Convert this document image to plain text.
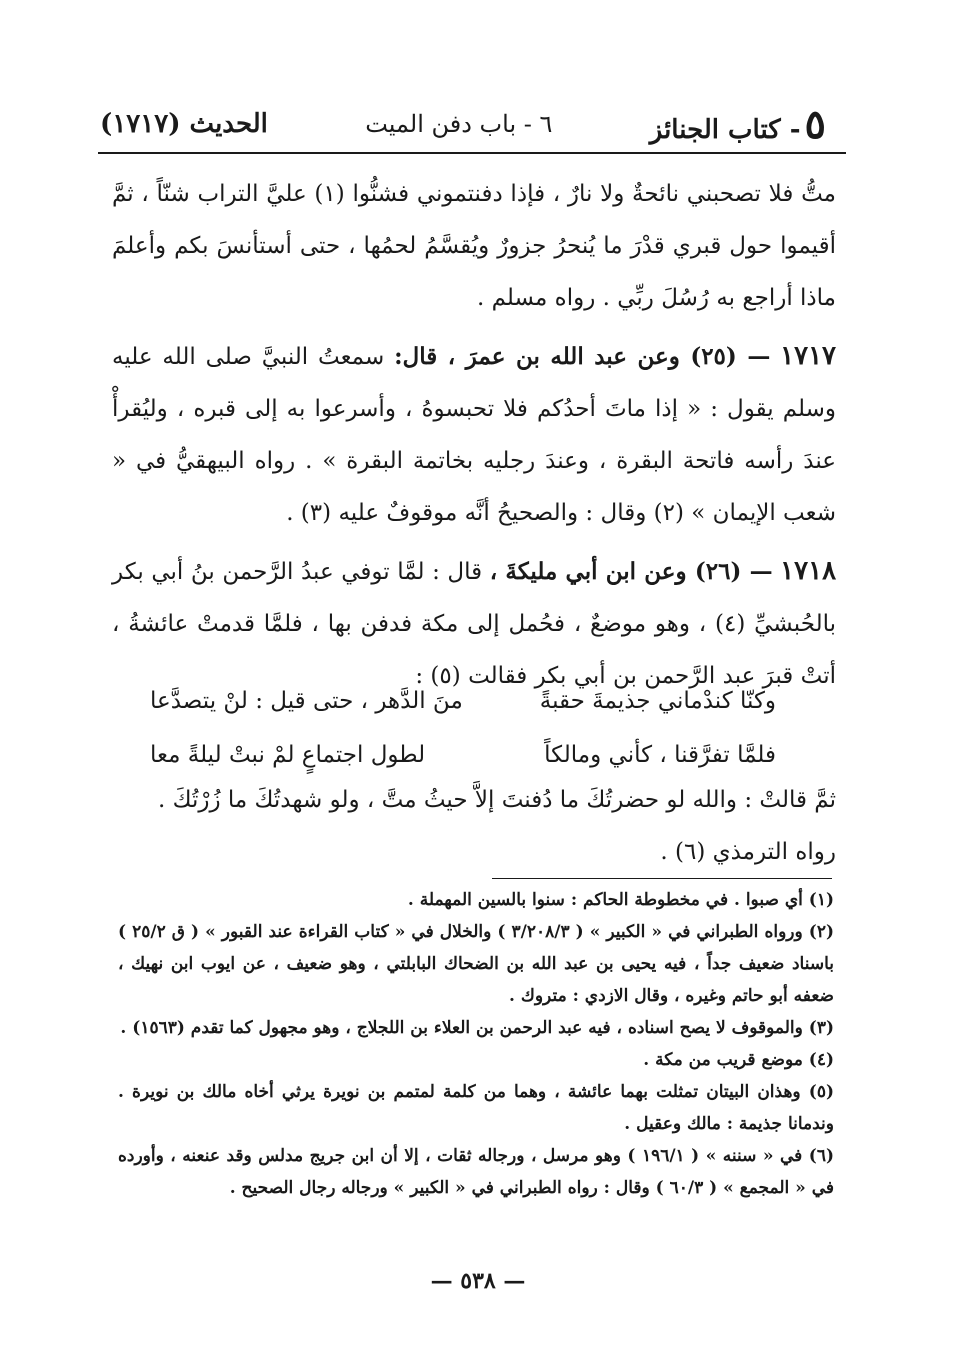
٥- كتاب الجنائز
٦ - باب دفن الميت
الحديث (١٧١٧)

متُّ فلا تصحبني نائحةٌ ولا نارٌ ، فإذا دفنتموني فشنُّوا (١) عليَّ التراب شنّاً ، ثمَّ أقيموا حول قبري قدْرَ ما يُنحرُ جزورٌ ويُقسَّمُ لحمُها ، حتى أستأنسَ بكم وأعلمَ ماذا أراجع به رُسُلَ ربِّي . رواه مسلم .

١٧١٧ — (٢٥) وعن عبد الله بن عمرَ ، قال: سمعتُ النبيَّ صلى الله عليه وسلم يقول : « إذا ماتَ أحدُكم فلا تحبسوهُ ، وأسرعوا به إلى قبره ، وليُقرأْ عندَ رأسه فاتحة البقرة ، وعندَ رجليه بخاتمة البقرة » . رواه البيهقيُّ في « شعب الإيمان » (٢) وقال : والصحيحُ أنَّه موقوفٌ عليه (٣) .

١٧١٨ — (٢٦) وعن ابن أبي مليكةَ ، قال : لمَّا توفي عبدُ الرَّحمن بنُ أبي بكر بالحُبشيِّ (٤) ، وهو موضعٌ ، فحُمل إلى مكة فدفن بها ، فلمَّا قدمتْ عائشةُ ، أتتْ قبرَ عبد الرَّحمن بن أبي بكر فقالت (٥) :

وكنّا كندْماني جذيمةَ حقبةً
منَ الدَّهر ، حتى قيل : لنْ يتصدَّعا
فلمَّا تفرَّقنا ، كأني ومالكاً
لطول اجتماعٍ لمْ نبتْ ليلةً معا

ثمَّ قالتْ : والله لو حضرتُكَ ما دُفنتَ إلاَّ حيثُ متَّ ، ولو شهدتُكَ ما زُرْتُكَ .

رواه الترمذي (٦) .

(١) أي صبوا . في مخطوطة الحاكم : سنوا بالسين المهملة .

(٢) ورواه الطبراني في « الكبير » ( ٣/٢٠٨/٣ ) والخلال في « كتاب القراءة عند القبور » ( ق ٢٥/٢ ) باسناد ضعيف جداً ، فيه يحيى بن عبد الله بن الضحاك البابلتي ، وهو ضعيف ، عن ايوب ابن نهيك ، ضعفه أبو حاتم وغيره ، وقال الازدي : متروك .

(٣) والموقوف لا يصح اسناده ، فيه عبد الرحمن بن العلاء بن اللجلاج ، وهو مجهول كما تقدم (١٥٦٣) .

(٤) موضع قريب من مكة .

(٥) وهذان البيتان تمثلت بهما عائشة ، وهما من كلمة لمتمم بن نويرة يرثي أخاه مالك بن نويرة . وندمانا جذيمة : مالك وعقيل .

(٦) في « سننه » ( ١٩٦/١ ) وهو مرسل ، ورجاله ثقات ، إلا أن ابن جريج مدلس وقد عنعنه ، وأورده في « المجمع » ( ٦٠/٣ ) وقال : رواه الطبراني في « الكبير » ورجاله رجال الصحيح .

— ٥٣٨ —
